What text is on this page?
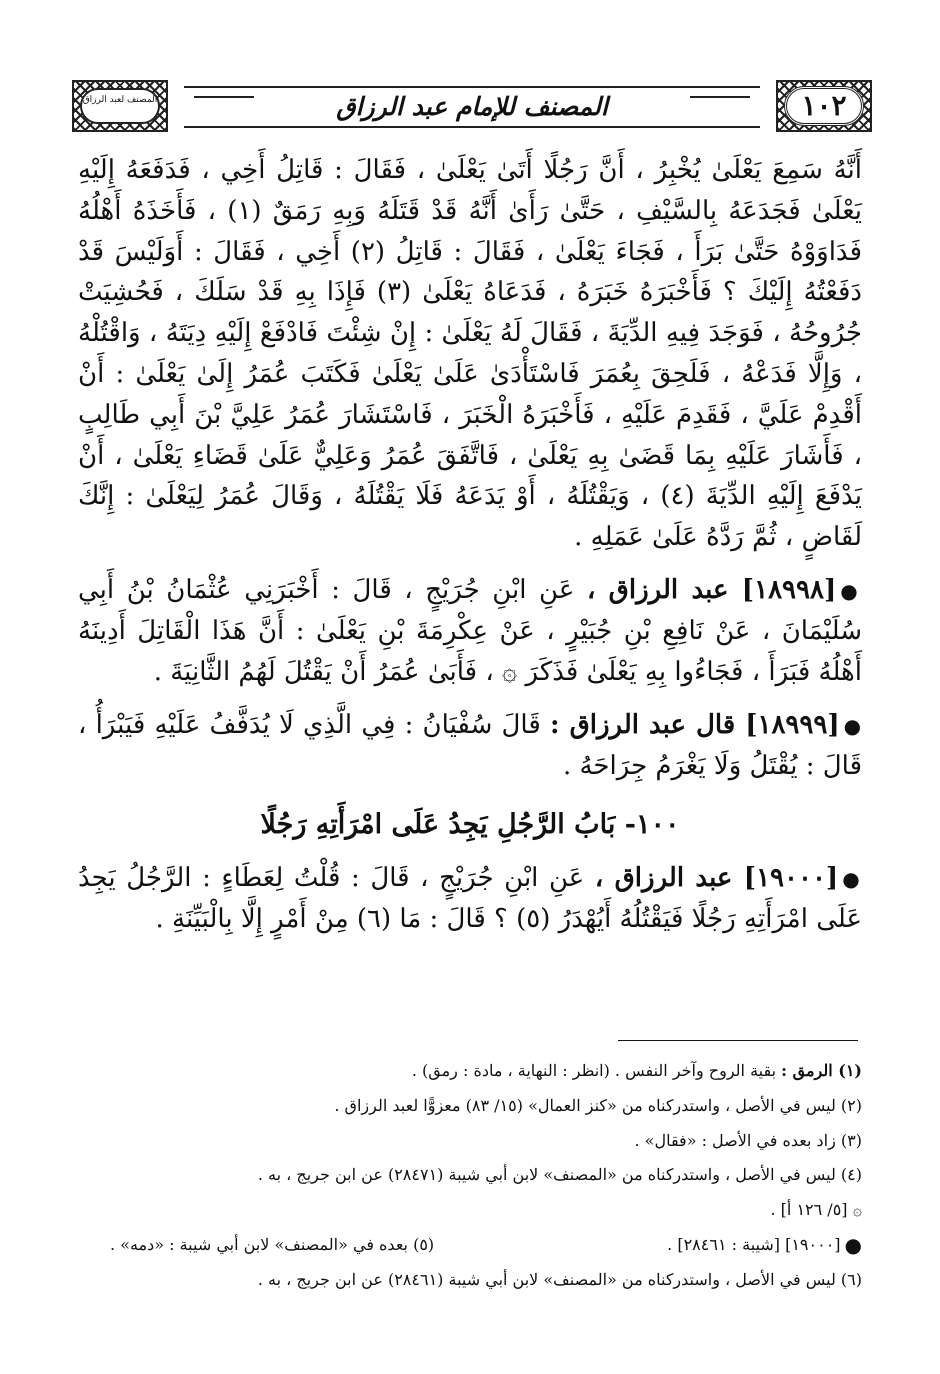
المصنف لعبد الرزاق	المصنف للإمام عبد الرزاق	١٠٢

أَنَّهُ سَمِعَ يَعْلَىٰ يُخْبِرُ ، أَنَّ رَجُلًا أَتَىٰ يَعْلَىٰ ، فَقَالَ : قَاتِلُ أَخِي ، فَدَفَعَهُ إِلَيْهِ يَعْلَىٰ فَجَدَعَهُ بِالسَّيْفِ ، حَتَّىٰ رَأَىٰ أَنَّهُ قَدْ قَتَلَهُ وَبِهِ رَمَقٌ (١) ، فَأَخَذَهُ أَهْلُهُ فَدَاوَوْهُ حَتَّىٰ بَرَأَ ، فَجَاءَ يَعْلَىٰ ، فَقَالَ : قَاتِلُ (٢) أَخِي ، فَقَالَ : أَوَلَيْسَ قَدْ دَفَعْتُهُ إِلَيْكَ ؟ فَأَخْبَرَهُ خَبَرَهُ ، فَدَعَاهُ يَعْلَىٰ (٣) فَإِذَا بِهِ قَدْ سَلَكَ ، فَحُشِيَتْ جُرُوحُهُ ، فَوَجَدَ فِيهِ الدِّيَةَ ، فَقَالَ لَهُ يَعْلَىٰ : إِنْ شِئْتَ فَادْفَعْ إِلَيْهِ دِيَتَهُ ، وَاقْتُلْهُ ، وَإِلَّا فَدَعْهُ ، فَلَحِقَ بِعُمَرَ فَاسْتَأْدَىٰ عَلَىٰ يَعْلَىٰ فَكَتَبَ عُمَرُ إِلَىٰ يَعْلَىٰ : أَنْ أَقْدِمْ عَلَيَّ ، فَقَدِمَ عَلَيْهِ ، فَأَخْبَرَهُ الْخَبَرَ ، فَاسْتَشَارَ عُمَرُ عَلِيَّ بْنَ أَبِي طَالِبٍ ، فَأَشَارَ عَلَيْهِ بِمَا قَضَىٰ بِهِ يَعْلَىٰ ، فَاتَّفَقَ عُمَرُ وَعَلِيٌّ عَلَىٰ قَضَاءِ يَعْلَىٰ ، أَنْ يَدْفَعَ إِلَيْهِ الدِّيَةَ (٤) ، وَيَقْتُلَهُ ، أَوْ يَدَعَهُ فَلَا يَقْتُلَهُ ، وَقَالَ عُمَرُ لِيَعْلَىٰ : إِنَّكَ لَقَاضٍ ، ثُمَّ رَدَّهُ عَلَىٰ عَمَلِهِ .

●[١٨٩٩٨] عبد الرزاق ، عَنِ ابْنِ جُرَيْجٍ ، قَالَ : أَخْبَرَنِي عُثْمَانُ بْنُ أَبِي سُلَيْمَانَ ، عَنْ نَافِعِ بْنِ جُبَيْرٍ ، عَنْ عِكْرِمَةَ بْنِ يَعْلَىٰ : أَنَّ هَذَا الْقَاتِلَ أَدِينَهُ أَهْلُهُ فَبَرَأَ ، فَجَاءُوا بِهِ يَعْلَىٰ فَذَكَرَ ۞ ، فَأَبَىٰ عُمَرُ أَنْ يَقْتُلَ لَهُمُ الثَّانِيَةَ .

●[١٨٩٩٩] قال عبد الرزاق : قَالَ سُفْيَانُ : فِي الَّذِي لَا يُدَفَّفُ عَلَيْهِ فَيَبْرَأُ ، قَالَ : يُقْتَلُ وَلَا يَغْرَمُ جِرَاحَهُ .

١٠٠- بَابُ الرَّجُلِ يَجِدُ عَلَى امْرَأَتِهِ رَجُلًا

●[١٩٠٠٠] عبد الرزاق ، عَنِ ابْنِ جُرَيْجٍ ، قَالَ : قُلْتُ لِعَطَاءٍ : الرَّجُلُ يَجِدُ عَلَى امْرَأَتِهِ رَجُلًا فَيَقْتُلُهُ أَيُهْدَرُ (٥) ؟ قَالَ : مَا (٦) مِنْ أَمْرٍ إِلَّا بِالْبَيِّنَةِ .

(١) الرمق : بقية الروح وآخر النفس . (انظر : النهاية ، مادة : رمق) .

(٢) ليس في الأصل ، واستدركناه من «كنز العمال» (١٥/ ٨٣) معزوًّا لعبد الرزاق .

(٣) زاد بعده في الأصل : «فقال» .

(٤) ليس في الأصل ، واستدركناه من «المصنف» لابن أبي شيبة (٢٨٤٧١) عن ابن جريج ، به .

۞ [٥/ ١٢٦ أ] .

●[١٩٠٠٠] [شيبة : ٢٨٤٦١] .
(٥) بعده في «المصنف» لابن أبي شيبة : «دمه» .

(٦) ليس في الأصل ، واستدركناه من «المصنف» لابن أبي شيبة (٢٨٤٦١) عن ابن جريج ، به .
